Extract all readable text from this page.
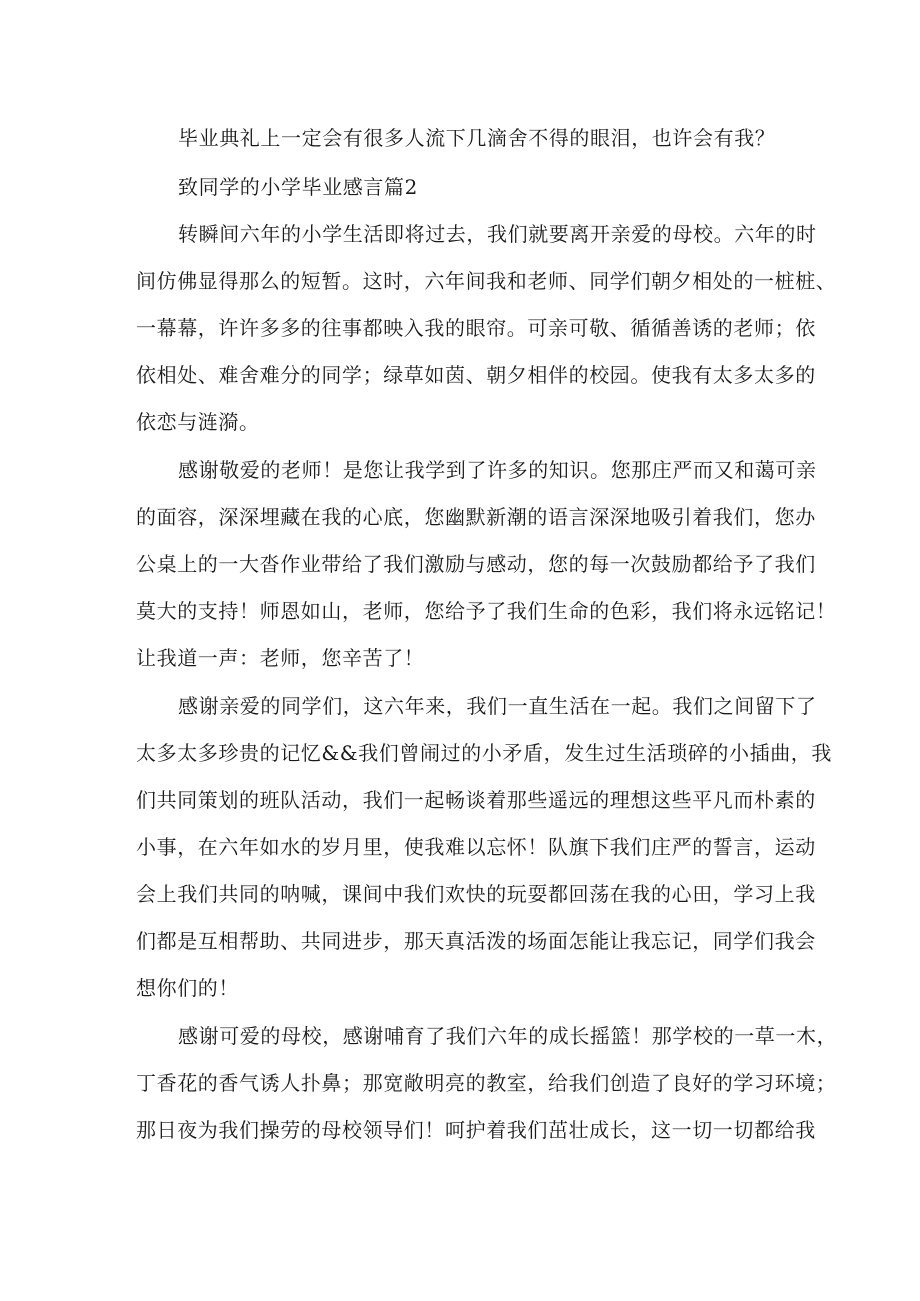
毕业典礼上一定会有很多人流下几滴舍不得的眼泪，也许会有我？

致同学的小学毕业感言篇2

转瞬间六年的小学生活即将过去，我们就要离开亲爱的母校。六年的时

间仿佛显得那么的短暂。这时，六年间我和老师、同学们朝夕相处的一桩桩、

一幕幕，许许多多的往事都映入我的眼帘。可亲可敬、循循善诱的老师；依

依相处、难舍难分的同学；绿草如茵、朝夕相伴的校园。使我有太多太多的

依恋与涟漪。

感谢敬爱的老师！是您让我学到了许多的知识。您那庄严而又和蔼可亲

的面容，深深埋藏在我的心底，您幽默新潮的语言深深地吸引着我们，您办

公桌上的一大沓作业带给了我们激励与感动，您的每一次鼓励都给予了我们

莫大的支持！师恩如山，老师，您给予了我们生命的色彩，我们将永远铭记！

让我道一声：老师，您辛苦了！

感谢亲爱的同学们，这六年来，我们一直生活在一起。我们之间留下了

太多太多珍贵的记忆&&我们曾闹过的小矛盾，发生过生活琐碎的小插曲，我

们共同策划的班队活动，我们一起畅谈着那些遥远的理想这些平凡而朴素的

小事，在六年如水的岁月里，使我难以忘怀！队旗下我们庄严的誓言，运动

会上我们共同的呐喊，课间中我们欢快的玩耍都回荡在我的心田，学习上我

们都是互相帮助、共同进步，那天真活泼的场面怎能让我忘记，同学们我会

想你们的！

感谢可爱的母校，感谢哺育了我们六年的成长摇篮！那学校的一草一木，

丁香花的香气诱人扑鼻；那宽敞明亮的教室，给我们创造了良好的学习环境；

那日夜为我们操劳的母校领导们！呵护着我们茁壮成长，这一切一切都给我
